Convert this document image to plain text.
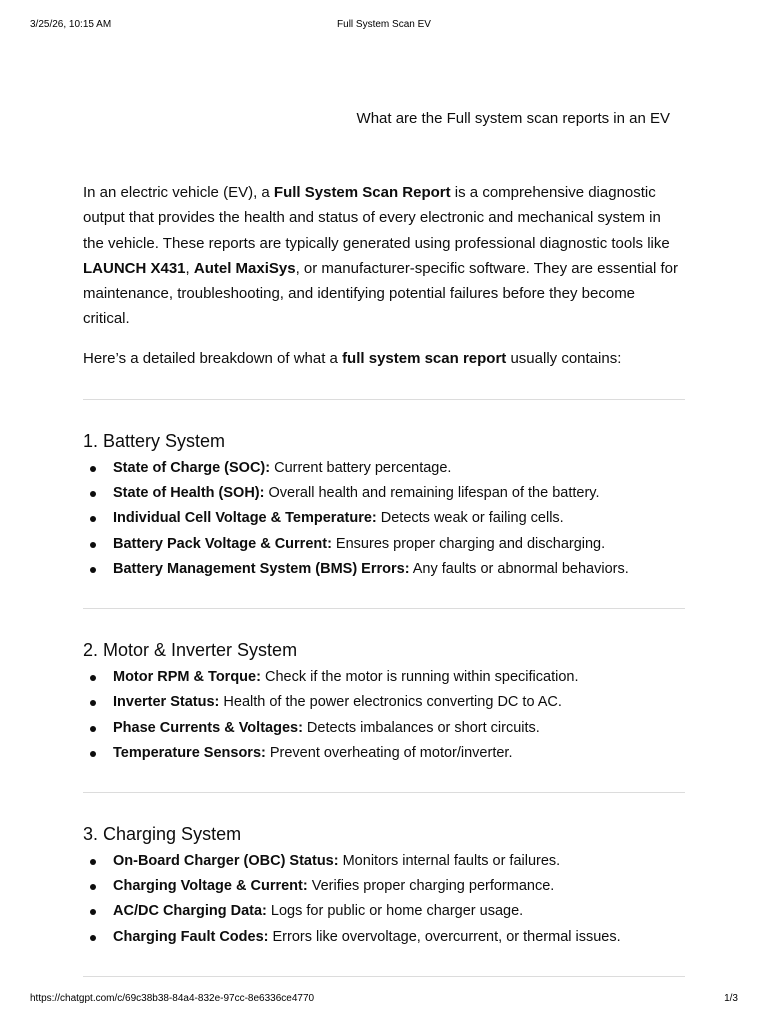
3/25/26, 10:15 AM	Full System Scan EV
What are the Full system scan reports in an EV

In an electric vehicle (EV), a Full System Scan Report is a comprehensive diagnostic output that provides the health and status of every electronic and mechanical system in the vehicle. These reports are typically generated using professional diagnostic tools like LAUNCH X431, Autel MaxiSys, or manufacturer-specific software. They are essential for maintenance, troubleshooting, and identifying potential failures before they become critical.

Here’s a detailed breakdown of what a full system scan report usually contains:

1. Battery System
State of Charge (SOC): Current battery percentage.
State of Health (SOH): Overall health and remaining lifespan of the battery.
Individual Cell Voltage & Temperature: Detects weak or failing cells.
Battery Pack Voltage & Current: Ensures proper charging and discharging.
Battery Management System (BMS) Errors: Any faults or abnormal behaviors.
2. Motor & Inverter System
Motor RPM & Torque: Check if the motor is running within specification.
Inverter Status: Health of the power electronics converting DC to AC.
Phase Currents & Voltages: Detects imbalances or short circuits.
Temperature Sensors: Prevent overheating of motor/inverter.
3. Charging System
On-Board Charger (OBC) Status: Monitors internal faults or failures.
Charging Voltage & Current: Verifies proper charging performance.
AC/DC Charging Data: Logs for public or home charger usage.
Charging Fault Codes: Errors like overvoltage, overcurrent, or thermal issues.
https://chatgpt.com/c/69c38b38-84a4-832e-97cc-8e6336ce4770	1/3
